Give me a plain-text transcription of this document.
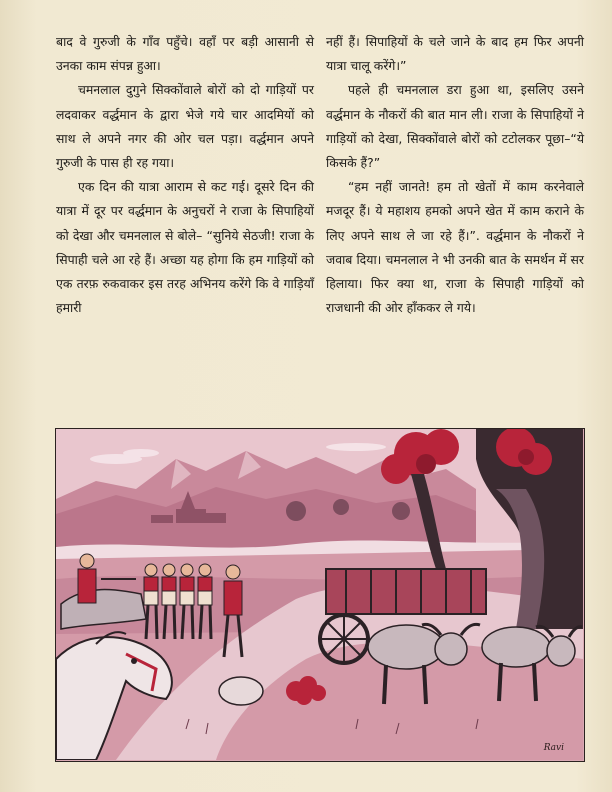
बाद वे गुरुजी के गाँव पहुँचे। वहाँ पर बड़ी आसानी से उनका काम संपन्न हुआ।

चमनलाल दुगुने सिक्कोंवाले बोरों को दो गाड़ियों पर लदवाकर वर्द्धमान के द्वारा भेजे गये चार आदमियों को साथ ले अपने नगर की ओर चल पड़ा। वर्द्धमान अपने गुरुजी के पास ही रह गया।

एक दिन की यात्रा आराम से कट गई। दूसरे दिन की यात्रा में दूर पर वर्द्धमान के अनुचरों ने राजा के सिपाहियों को देखा और चमनलाल से बोले– “सुनिये सेठजी! राजा के सिपाही चले आ रहे हैं। अच्छा यह होगा कि हम गाड़ियों को एक तरफ़ रुकवाकर इस तरह अभिनय करेंगे कि वे गाड़ियाँ हमारी

नहीं हैं। सिपाहियों के चले जाने के बाद हम फिर अपनी यात्रा चालू करेंगे।”

पहले ही चमनलाल डरा हुआ था, इसलिए उसने वर्द्धमान के नौकरों की बात मान ली। राजा के सिपाहियों ने गाड़ियों को देखा, सिक्कोंवाले बोरों को टटोलकर पूछा–“ये किसके हैं?”

“हम नहीं जानते! हम तो खेतों में काम करनेवाले मजदूर हैं। ये महाशय हमको अपने खेत में काम कराने के लिए अपने साथ ले जा रहे हैं।”. वर्द्धमान के नौकरों ने जवाब दिया। चमनलाल ने भी उनकी बात के समर्थन में सर हिलाया। फिर क्या था, राजा के सिपाही गाड़ियों को राजधानी की ओर हाँककर ले गये।

Ravi
